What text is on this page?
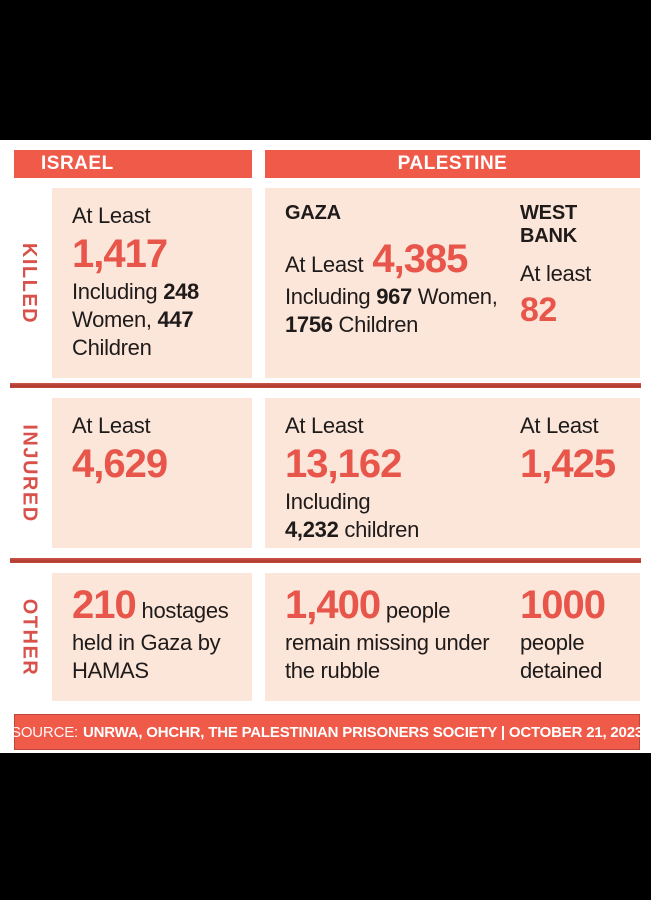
ISRAEL	PALESTINE
KILLED
At Least
1,417
Including 248
Women, 447
Children
GAZA
At Least 4,385
Including 967 Women,
1756 Children
WEST BANK
At least
82
INJURED At Least
4,629
At Least
13,162
Including
4,232 children
At Least
1,425
OTHER 210 hostages
held in Gaza by
HAMAS
1,400 people
remain missing under
the rubble
1000
people
detained
SOURCE: UNRWA, OHCHR, THE PALESTINIAN PRISONERS SOCIETY | OCTOBER 21, 2023
